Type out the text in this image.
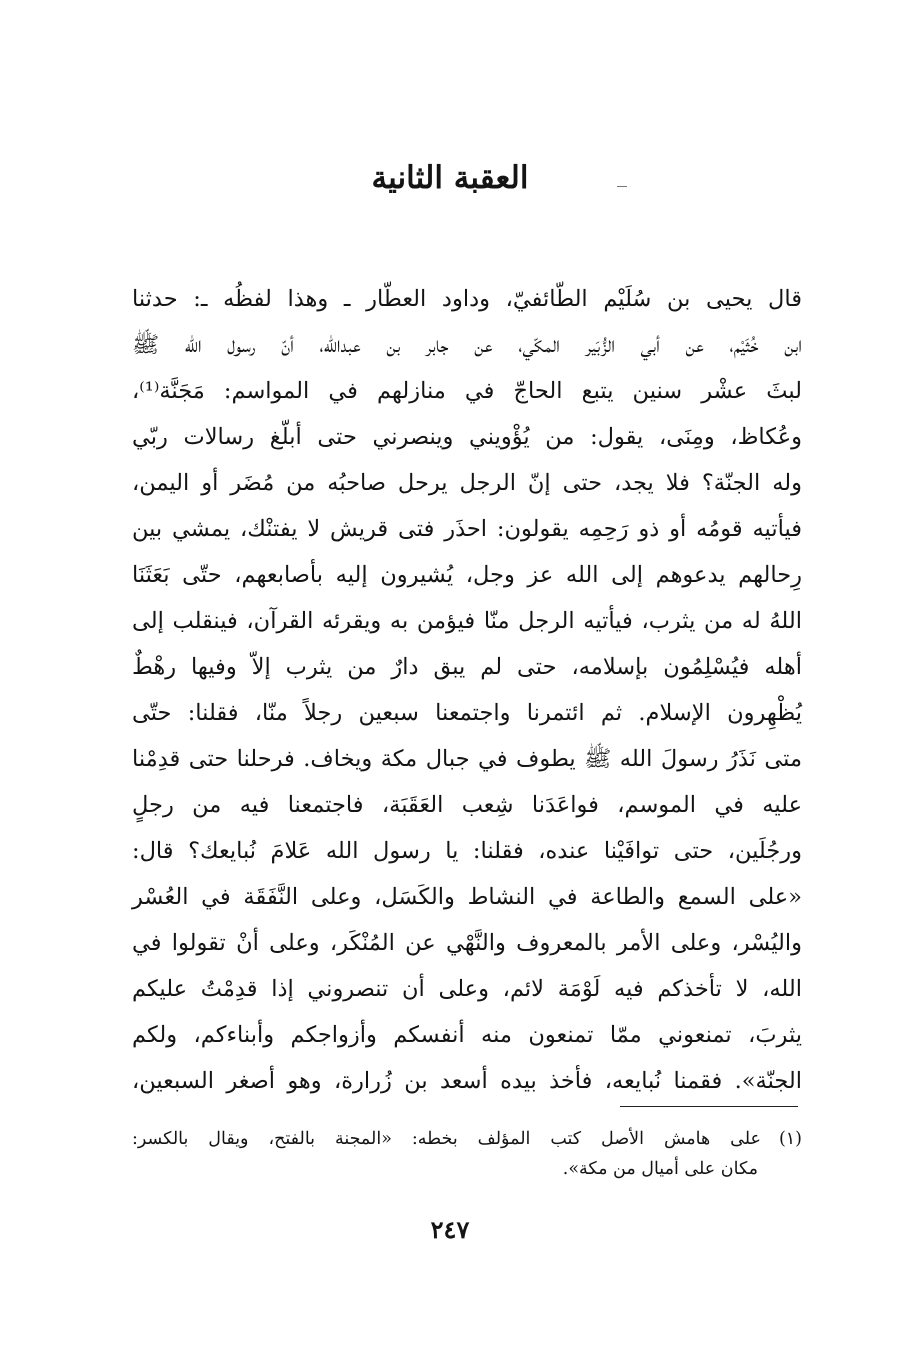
العقبة الثانية
قال يحيى بن سُلَيْم الطّائفيّ، وداود العطّار ـ وهذا لفظُه ـ: حدثنا
ابن خُثَيْم، عن أبي الزُّبَير المكّي، عن جابر بن عبدالله، أنّ رسول الله ﷺ
لبثَ عشْر سنين يتبع الحاجّ في منازلهم في المواسم: مَجَنَّة⁽¹⁾،
وعُكاظ، ومِنَى، يقول: من يُؤْويني وينصرني حتى أبلّغ رسالات ربّي
وله الجنّة؟ فلا يجد، حتى إنّ الرجل يرحل صاحبُه من مُضَر أو اليمن،
فيأتيه قومُه أو ذو رَحِمِه يقولون: احذَر فتى قريش لا يفتنْك، يمشي بين
رِحالهم يدعوهم إلى الله عز وجل، يُشيرون إليه بأصابعهم، حتّى بَعَثَنَا
اللهُ له من يثرب، فيأتيه الرجل منّا فيؤمن به ويقرئه القرآن، فينقلب إلى
أهله فيُسْلِمُون بإسلامه، حتى لم يبق دارٌ من يثرب إلاّ وفيها رهْطٌ
يُظْهِرون الإسلام. ثم ائتمرنا واجتمعنا سبعين رجلاً منّا، فقلنا: حتّى
متى نَذَرُ رسولَ الله ﷺ يطوف في جبال مكة ويخاف. فرحلنا حتى قدِمْنا
عليه في الموسم، فواعَدَنا شِعب العَقَبَة، فاجتمعنا فيه من رجلٍ
ورجُلَين، حتى توافَيْنا عنده، فقلنا: يا رسول الله عَلامَ نُبايعك؟ قال:
«على السمع والطاعة في النشاط والكَسَل، وعلى النَّفَقَة في العُسْر
واليُسْر، وعلى الأمر بالمعروف والنَّهْي عن المُنْكَر، وعلى أنْ تقولوا في
الله، لا تأخذكم فيه لَوْمَة لائم، وعلى أن تنصروني إذا قدِمْتُ عليكم
يثربَ، تمنعوني ممّا تمنعون منه أنفسكم وأزواجكم وأبناءكم، ولكم
الجنّة». فقمنا نُبايعه، فأخذ بيده أسعد بن زُرارة، وهو أصغر السبعين،
(١)على هامش الأصل كتب المؤلف بخطه: «المجنة بالفتح، ويقال بالكسر:
مكان على أميال من مكة».
٢٤٧
